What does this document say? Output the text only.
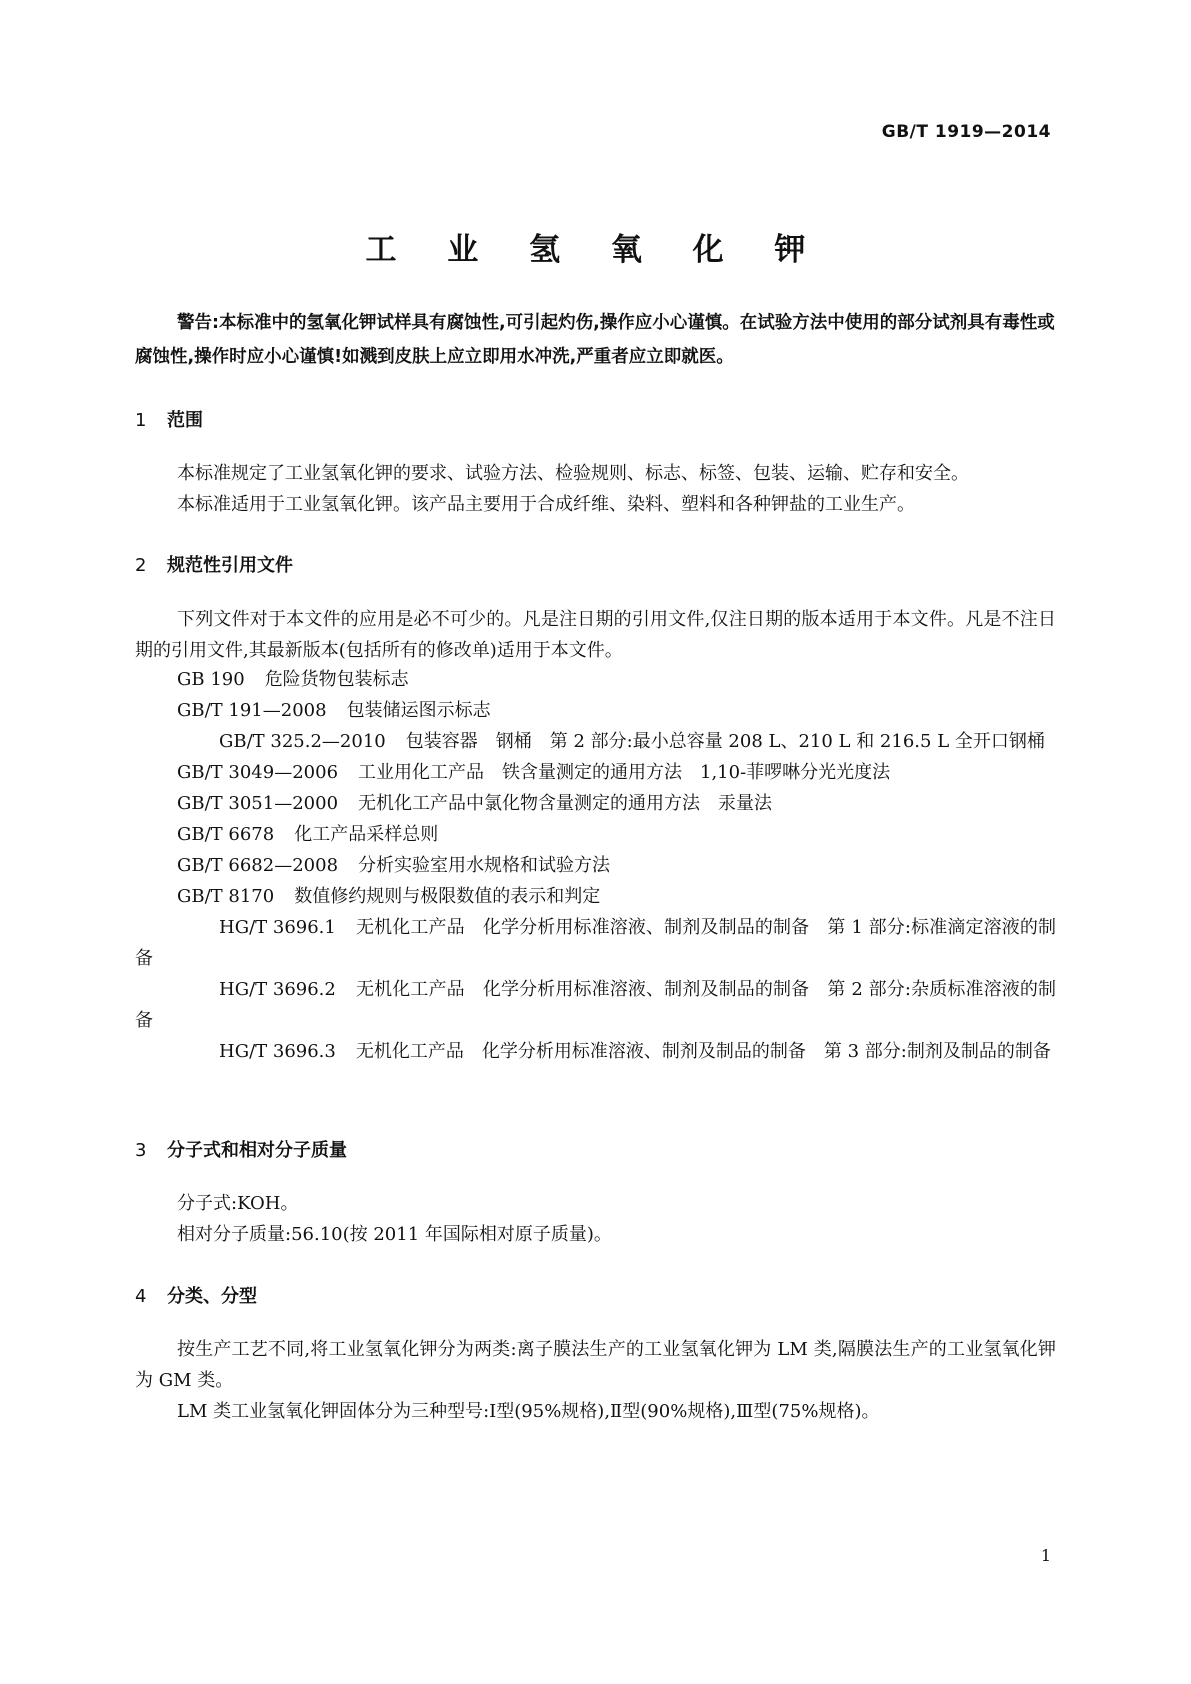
GB/T 1919—2014
工 业 氢 氧 化 钾
警告:本标准中的氢氧化钾试样具有腐蚀性,可引起灼伤,操作应小心谨慎。在试验方法中使用的部分试剂具有毒性或腐蚀性,操作时应小心谨慎!如溅到皮肤上应立即用水冲洗,严重者应立即就医。
1 范围
本标准规定了工业氢氧化钾的要求、试验方法、检验规则、标志、标签、包装、运输、贮存和安全。
本标准适用于工业氢氧化钾。该产品主要用于合成纤维、染料、塑料和各种钾盐的工业生产。
2 规范性引用文件
下列文件对于本文件的应用是必不可少的。凡是注日期的引用文件,仅注日期的版本适用于本文件。凡是不注日期的引用文件,其最新版本(包括所有的修改单)适用于本文件。
GB 190 危险货物包装标志
GB/T 191—2008 包装储运图示标志
GB/T 325.2—2010 包装容器　钢桶　第 2 部分:最小总容量 208 L、210 L 和 216.5 L 全开口钢桶
GB/T 3049—2006 工业用化工产品　铁含量测定的通用方法　1,10-菲啰啉分光光度法
GB/T 3051—2000 无机化工产品中氯化物含量测定的通用方法　汞量法
GB/T 6678 化工产品采样总则
GB/T 6682—2008 分析实验室用水规格和试验方法
GB/T 8170 数值修约规则与极限数值的表示和判定
HG/T 3696.1 无机化工产品　化学分析用标准溶液、制剂及制品的制备　第 1 部分:标准滴定溶液的制备
HG/T 3696.2 无机化工产品　化学分析用标准溶液、制剂及制品的制备　第 2 部分:杂质标准溶液的制备
HG/T 3696.3 无机化工产品　化学分析用标准溶液、制剂及制品的制备　第 3 部分:制剂及制品的制备
3 分子式和相对分子质量
分子式:KOH。
相对分子质量:56.10(按 2011 年国际相对原子质量)。
4 分类、分型
按生产工艺不同,将工业氢氧化钾分为两类:离子膜法生产的工业氢氧化钾为 LM 类,隔膜法生产的工业氢氧化钾为 GM 类。
LM 类工业氢氧化钾固体分为三种型号:Ⅰ型(95%规格),Ⅱ型(90%规格),Ⅲ型(75%规格)。
1
